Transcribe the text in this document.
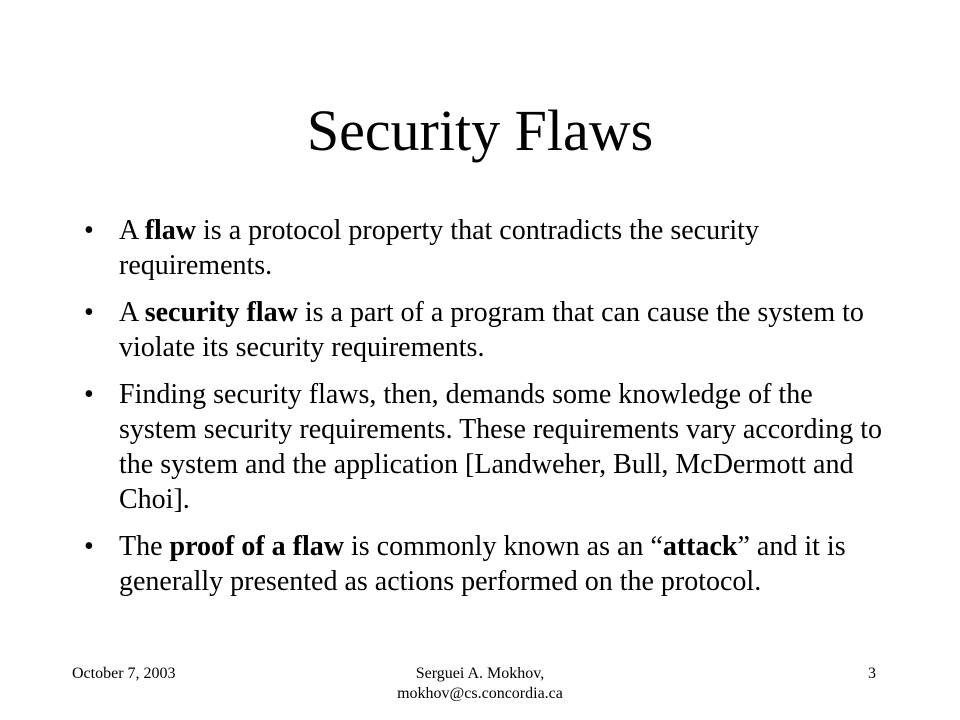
Security Flaws
• A flaw is a protocol property that contradicts the security requirements.
• A security flaw is a part of a program that can cause the system to violate its security requirements.
• Finding security flaws, then, demands some knowledge of the system security requirements. These requirements vary according to the system and the application [Landweher, Bull, McDermott and Choi].
• The proof of a flaw is commonly known as an “attack” and it is generally presented as actions performed on the protocol.
October 7, 2003	Serguei A. Mokhov,
mokhov@cs.concordia.ca
3
